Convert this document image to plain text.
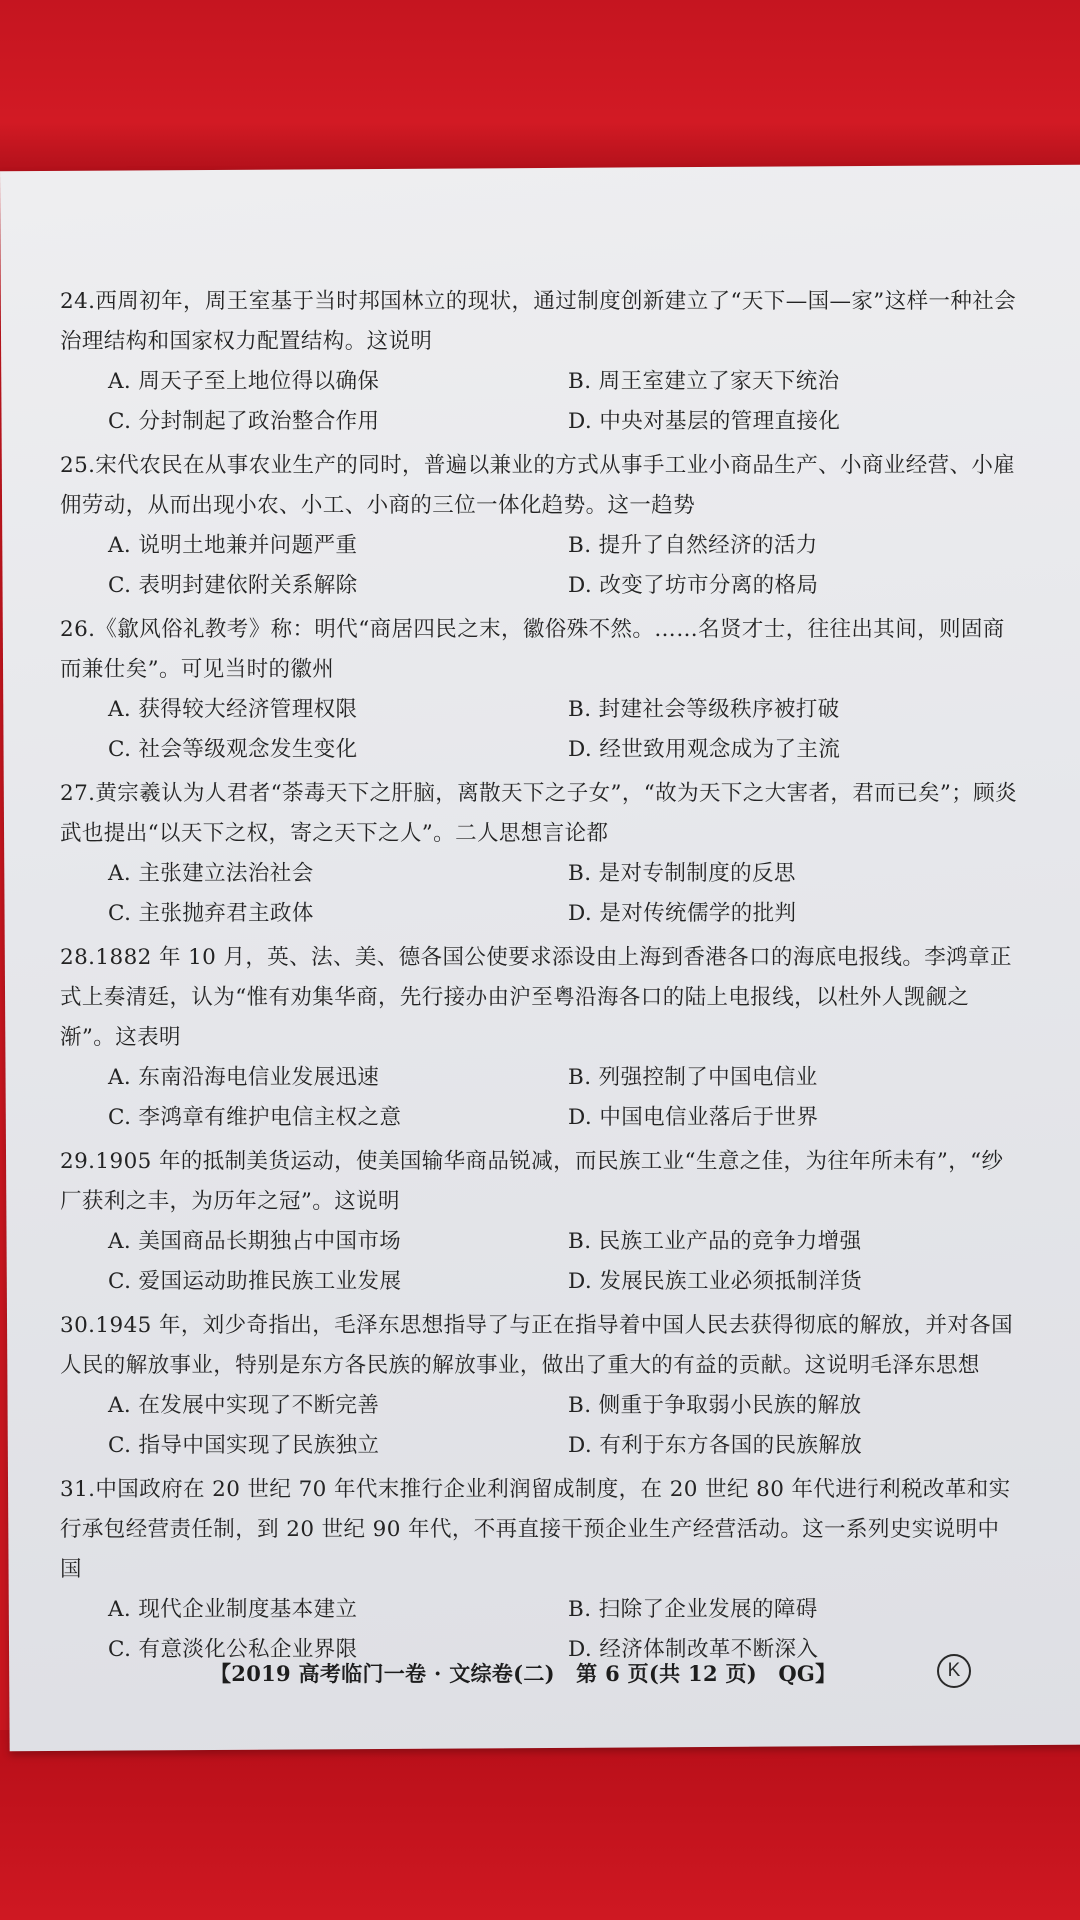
24.西周初年，周王室基于当时邦国林立的现状，通过制度创新建立了“天下—国—家”这样一种社会治理结构和国家权力配置结构。这说明

A. 周天子至上地位得以确保	B. 周王室建立了家天下统治
C. 分封制起了政治整合作用	D. 中央对基层的管理直接化

25.宋代农民在从事农业生产的同时，普遍以兼业的方式从事手工业小商品生产、小商业经营、小雇佣劳动，从而出现小农、小工、小商的三位一体化趋势。这一趋势

A. 说明土地兼并问题严重	B. 提升了自然经济的活力
C. 表明封建依附关系解除	D. 改变了坊市分离的格局

26.《歙风俗礼教考》称：明代“商居四民之末，徽俗殊不然。……名贤才士，往往出其间，则固商而兼仕矣”。可见当时的徽州

A. 获得较大经济管理权限	B. 封建社会等级秩序被打破
C. 社会等级观念发生变化	D. 经世致用观念成为了主流

27.黄宗羲认为人君者“荼毒天下之肝脑，离散天下之子女”，“故为天下之大害者，君而已矣”；顾炎武也提出“以天下之权，寄之天下之人”。二人思想言论都

A. 主张建立法治社会	B. 是对专制制度的反思
C. 主张抛弃君主政体	D. 是对传统儒学的批判

28.1882 年 10 月，英、法、美、德各国公使要求添设由上海到香港各口的海底电报线。李鸿章正式上奏清廷，认为“惟有劝集华商，先行接办由沪至粤沿海各口的陆上电报线，以杜外人觊觎之渐”。这表明

A. 东南沿海电信业发展迅速	B. 列强控制了中国电信业
C. 李鸿章有维护电信主权之意	D. 中国电信业落后于世界

29.1905 年的抵制美货运动，使美国输华商品锐减，而民族工业“生意之佳，为往年所未有”，“纱厂获利之丰，为历年之冠”。这说明

A. 美国商品长期独占中国市场	B. 民族工业产品的竞争力增强
C. 爱国运动助推民族工业发展	D. 发展民族工业必须抵制洋货

30.1945 年，刘少奇指出，毛泽东思想指导了与正在指导着中国人民去获得彻底的解放，并对各国人民的解放事业，特别是东方各民族的解放事业，做出了重大的有益的贡献。这说明毛泽东思想

A. 在发展中实现了不断完善	B. 侧重于争取弱小民族的解放
C. 指导中国实现了民族独立	D. 有利于东方各国的民族解放

31.中国政府在 20 世纪 70 年代末推行企业利润留成制度，在 20 世纪 80 年代进行利税改革和实行承包经营责任制，到 20 世纪 90 年代，不再直接干预企业生产经营活动。这一系列史实说明中国

A. 现代企业制度基本建立	B. 扫除了企业发展的障碍
C. 有意淡化公私企业界限	D. 经济体制改革不断深入
【2019 高考临门一卷 · 文综卷(二)　第 6 页(共 12 页)　QG】	K
